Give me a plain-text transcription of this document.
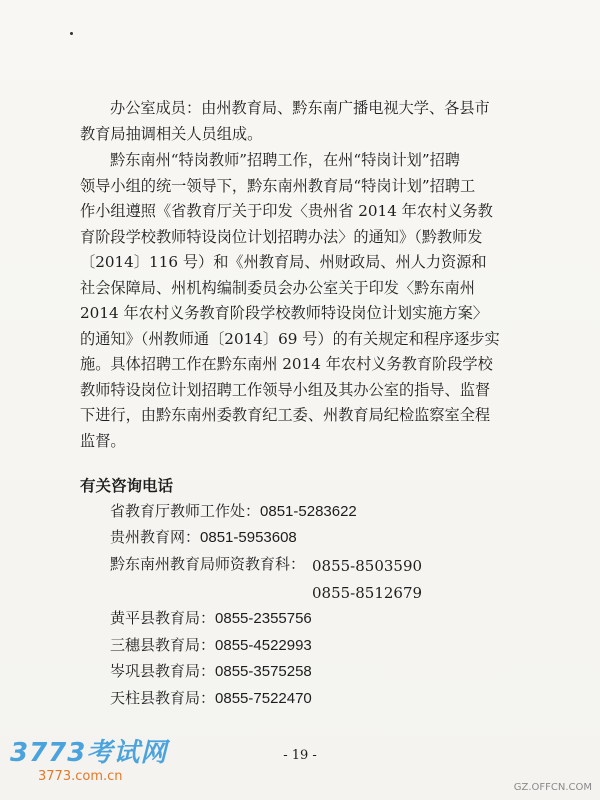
办公室成员：由州教育局、黔东南广播电视大学、各县市
教育局抽调相关人员组成。
黔东南州“特岗教师”招聘工作，在州“特岗计划”招聘
领导小组的统一领导下，黔东南州教育局“特岗计划”招聘工
作小组遵照《省教育厅关于印发〈贵州省 2014 年农村义务教
育阶段学校教师特设岗位计划招聘办法〉的通知》（黔教师发
〔2014〕116 号）和《州教育局、州财政局、州人力资源和
社会保障局、州机构编制委员会办公室关于印发〈黔东南州
2014 年农村义务教育阶段学校教师特设岗位计划实施方案〉
的通知》（州教师通〔2014〕69 号）的有关规定和程序逐步实
施。具体招聘工作在黔东南州 2014 年农村义务教育阶段学校
教师特设岗位计划招聘工作领导小组及其办公室的指导、监督
下进行，由黔东南州委教育纪工委、州教育局纪检监察室全程
监督。
有关咨询电话
省教育厅教师工作处：0851-5283622
贵州教育网：0851-5953608
黔东南州教育局师资教育科： 0855-8503590
0855-8512679
黄平县教育局：0855-2355756
三穗县教育局：0855-4522993
岑巩县教育局：0855-3575258
天柱县教育局：0855-7522470
- 19 -
3773考试网
3773.com.cn
GZ.OFFCN.COM
